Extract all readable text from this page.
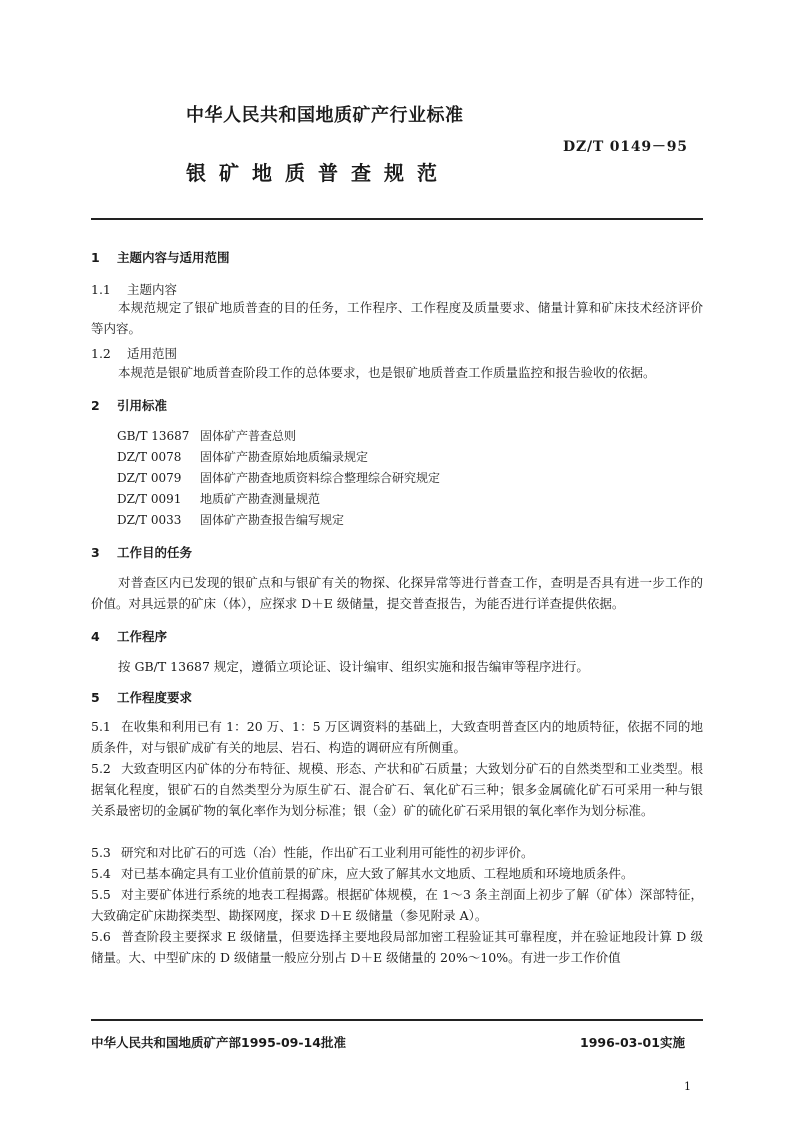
中华人民共和国地质矿产行业标准
DZ/T 0149－95
银矿地质普查规范
1 主题内容与适用范围
1.1 主题内容
本规范规定了银矿地质普查的目的任务，工作程序、工作程度及质量要求、储量计算和矿床技术经济评价等内容。
1.2 适用范围
本规范是银矿地质普查阶段工作的总体要求，也是银矿地质普查工作质量监控和报告验收的依据。
2 引用标准
GB/T 13687 固体矿产普查总则
DZ/T 0078 固体矿产勘查原始地质编录规定
DZ/T 0079 固体矿产勘查地质资料综合整理综合研究规定
DZ/T 0091 地质矿产勘查测量规范
DZ/T 0033 固体矿产勘查报告编写规定
3 工作目的任务
对普查区内已发现的银矿点和与银矿有关的物探、化探异常等进行普查工作，查明是否具有进一步工作的价值。对具远景的矿床（体），应探求 D＋E 级储量，提交普查报告，为能否进行详查提供依据。
4 工作程序
按 GB/T 13687 规定，遵循立项论证、设计编审、组织实施和报告编审等程序进行。
5 工作程度要求
5.1 在收集和利用已有 1：20 万、1：5 万区调资料的基础上，大致查明普查区内的地质特征，依据不同的地质条件，对与银矿成矿有关的地层、岩石、构造的调研应有所侧重。
5.2 大致查明区内矿体的分布特征、规模、形态、产状和矿石质量；大致划分矿石的自然类型和工业类型。根据氧化程度，银矿石的自然类型分为原生矿石、混合矿石、氧化矿石三种；银多金属硫化矿石可采用一种与银关系最密切的金属矿物的氧化率作为划分标准；银（金）矿的硫化矿石采用银的氧化率作为划分标准。
5.3 研究和对比矿石的可选（冶）性能，作出矿石工业利用可能性的初步评价。
5.4 对已基本确定具有工业价值前景的矿床，应大致了解其水文地质、工程地质和环境地质条件。
5.5 对主要矿体进行系统的地表工程揭露。根据矿体规模，在 1～3 条主剖面上初步了解（矿体）深部特征，大致确定矿床勘探类型、勘探网度，探求 D＋E 级储量（参见附录 A）。
5.6 普查阶段主要探求 E 级储量，但要选择主要地段局部加密工程验证其可靠程度，并在验证地段计算 D 级储量。大、中型矿床的 D 级储量一般应分别占 D＋E 级储量的 20%～10%。有进一步工作价值
中华人民共和国地质矿产部1995-09-14批准	1996-03-01实施
1
